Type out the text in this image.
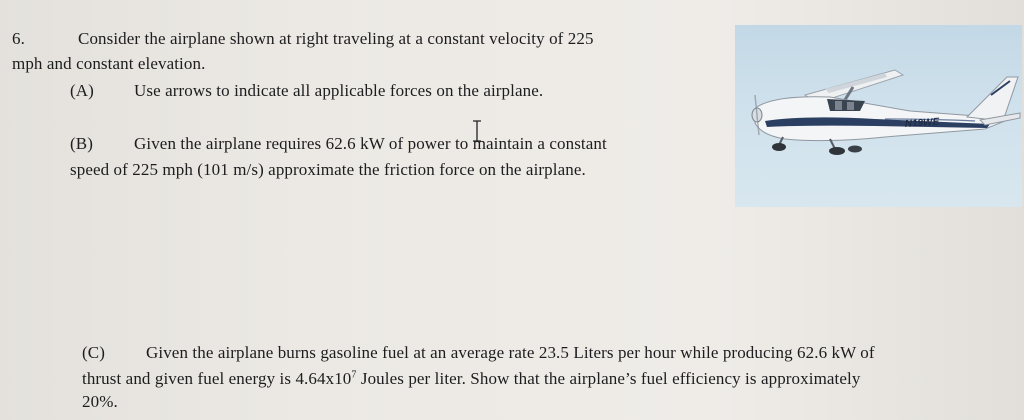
6.	Consider the airplane shown at right traveling at a constant velocity of 225
mph and constant elevation.
(A) Use arrows to indicate all applicable forces on the airplane.
(B) Given the airplane requires 62.6 kW of power to maintain a constant
speed of 225 mph (101 m/s) approximate the friction force on the airplane.
(C) Given the airplane burns gasoline fuel at an average rate 23.5 Liters per hour while producing 62.6 kW of
thrust and given fuel energy is $4.64x10^7$ Joules per liter. Show that the airplane’s fuel efficiency is approximately
20%.
N19WE
